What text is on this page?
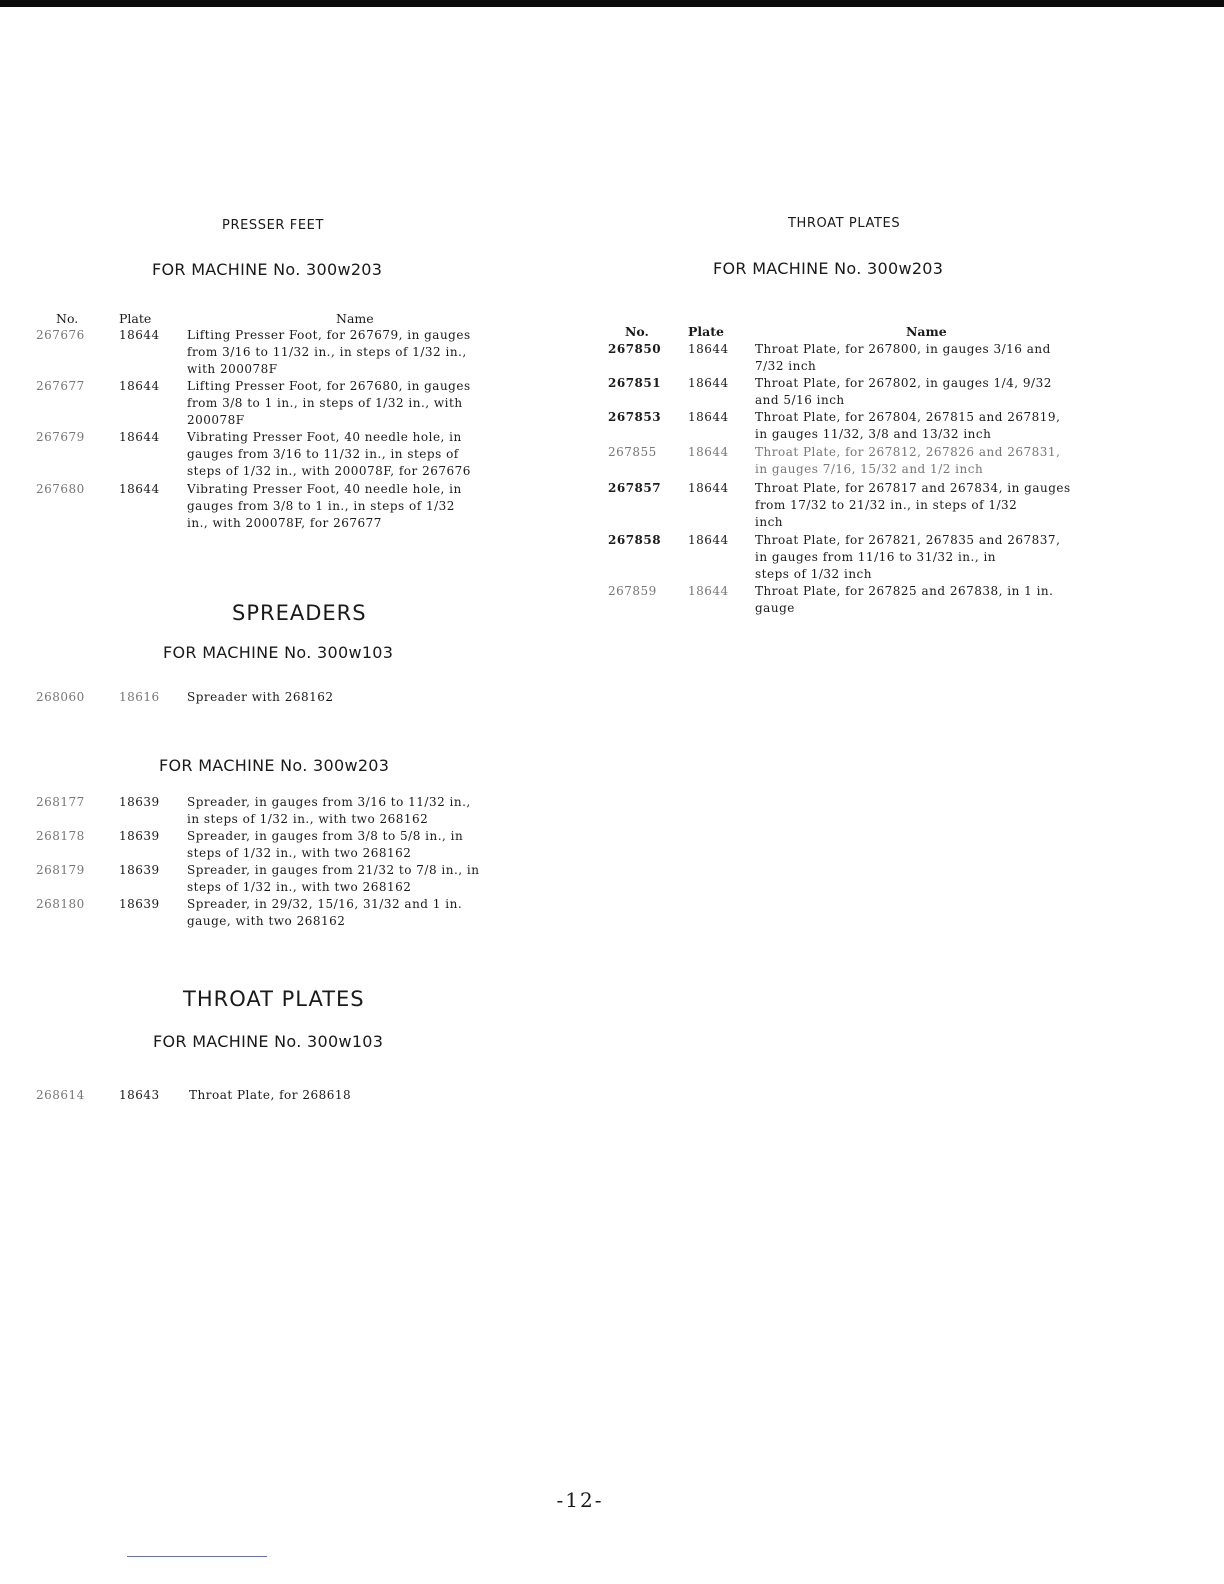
PRESSER FEET
FOR MACHINE No. 300w203
No.	Plate	Name
267676	18644	Lifting Presser Foot, for 267679, in gauges
from 3/16 to 11/32 in., in steps of 1/32 in.,
with 200078F
267677	18644	Lifting Presser Foot, for 267680, in gauges
from 3/8 to 1 in., in steps of 1/32 in., with
200078F
267679	18644	Vibrating Presser Foot, 40 needle hole, in
gauges from 3/16 to 11/32 in., in steps of
steps of 1/32 in., with 200078F, for 267676
267680	18644	Vibrating Presser Foot, 40 needle hole, in
gauges from 3/8 to 1 in., in steps of 1/32
in., with 200078F, for 267677
SPREADERS
FOR MACHINE No. 300w103
268060	18616	Spreader with 268162
FOR MACHINE No. 300w203
268177	18639	Spreader, in gauges from 3/16 to 11/32 in.,
in steps of 1/32 in., with two 268162
268178	18639	Spreader, in gauges from 3/8 to 5/8 in., in
steps of 1/32 in., with two 268162
268179	18639	Spreader, in gauges from 21/32 to 7/8 in., in
steps of 1/32 in., with two 268162
268180	18639	Spreader, in 29/32, 15/16, 31/32 and 1 in.
gauge, with two 268162
THROAT PLATES
FOR MACHINE No. 300w103
268614	18643	Throat Plate, for 268618
THROAT PLATES
FOR MACHINE No. 300w203
No.	Plate	Name
267850	18644	Throat Plate, for 267800, in gauges 3/16 and
7/32 inch
267851	18644	Throat Plate, for 267802, in gauges 1/4, 9/32
and 5/16 inch
267853	18644	Throat Plate, for 267804, 267815 and 267819,
in gauges 11/32, 3/8 and 13/32 inch
267855	18644	Throat Plate, for 267812, 267826 and 267831,
in gauges 7/16, 15/32 and 1/2 inch
267857	18644	Throat Plate, for 267817 and 267834, in gauges
from 17/32 to 21/32 in., in steps of 1/32
inch
267858	18644	Throat Plate, for 267821, 267835 and 267837,
in gauges from 11/16 to 31/32 in., in
steps of 1/32 inch
267859	18644	Throat Plate, for 267825 and 267838, in 1 in.
gauge
-12-
